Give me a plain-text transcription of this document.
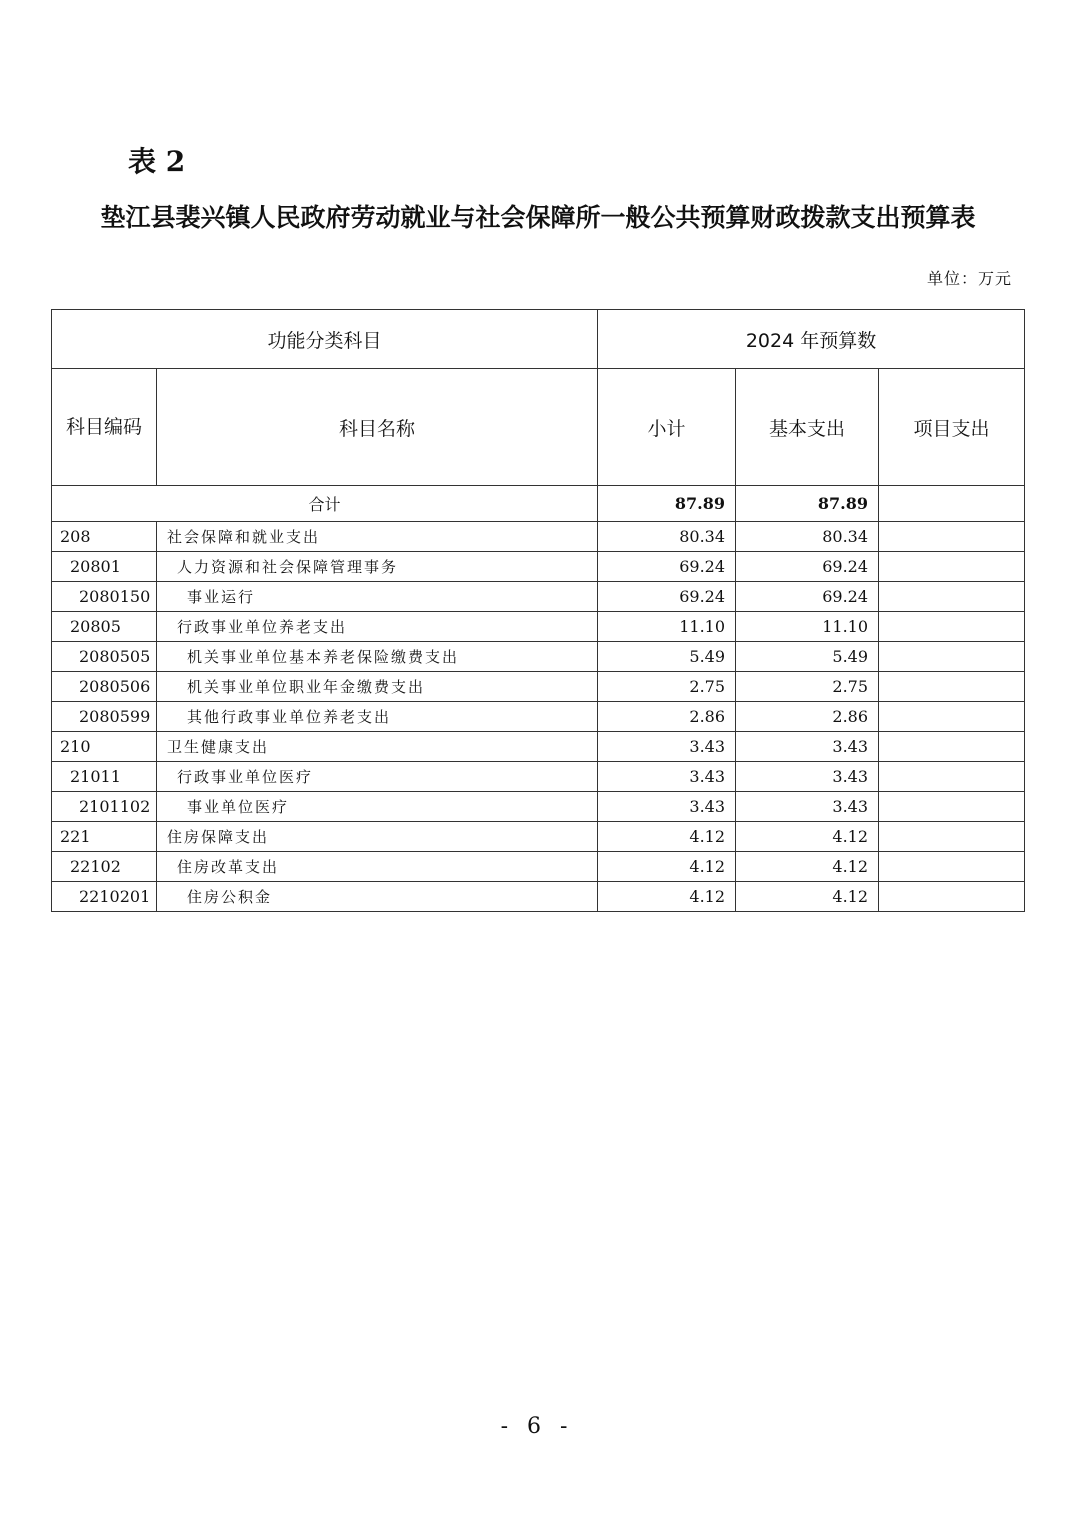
表 2
垫江县裴兴镇人民政府劳动就业与社会保障所一般公共预算财政拨款支出预算表
单位：万元
功能分类科目		2024 年预算数		
科目编码	科目名称	小计	基本支出	项目支出
合计		87.89	87.89	
208	社会保障和就业支出	80.34	80.34	
20801	人力资源和社会保障管理事务	69.24	69.24	
2080150	事业运行	69.24	69.24	
20805	行政事业单位养老支出	11.10	11.10	
2080505	机关事业单位基本养老保险缴费支出	5.49	5.49	
2080506	机关事业单位职业年金缴费支出	2.75	2.75	
2080599	其他行政事业单位养老支出	2.86	2.86	
210	卫生健康支出	3.43	3.43	
21011	行政事业单位医疗	3.43	3.43	
2101102	事业单位医疗	3.43	3.43	
221	住房保障支出	4.12	4.12	
22102	住房改革支出	4.12	4.12	
2210201	住房公积金	4.12	4.12	
- 6 -
